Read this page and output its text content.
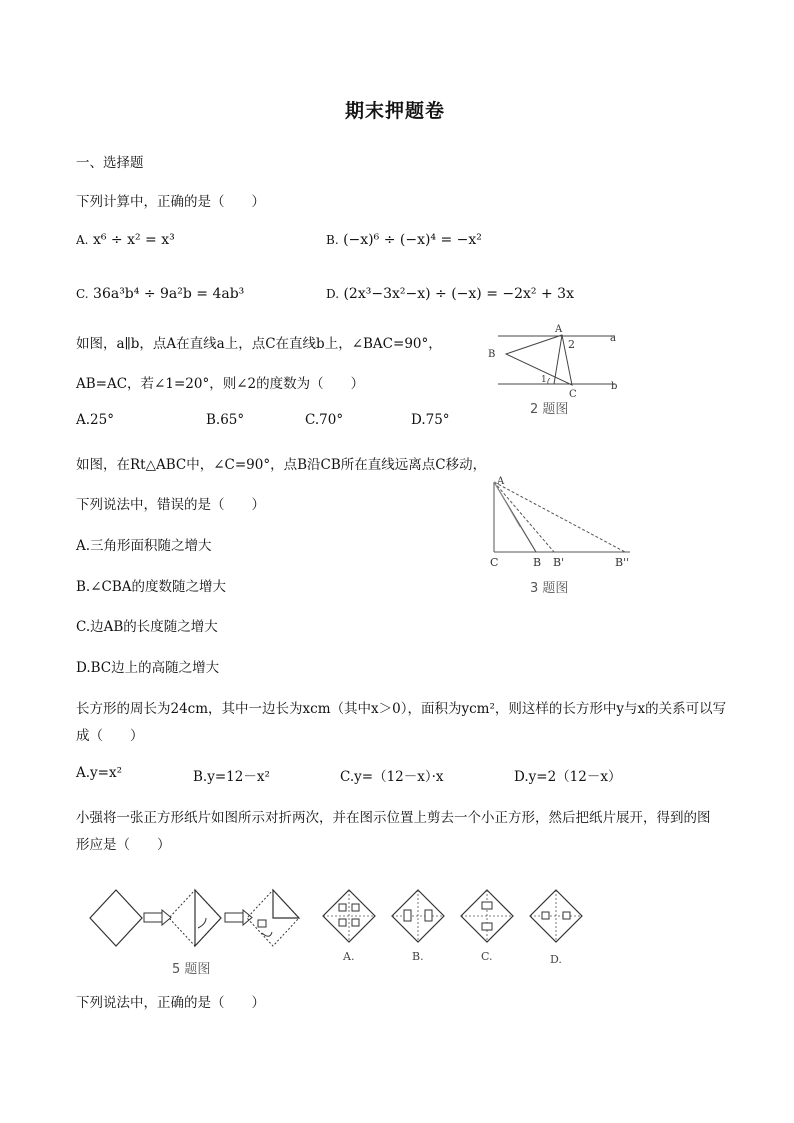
期末押题卷
一、选择题
下列计算中，正确的是（　　）
A. x⁶ ÷ x² = x³	B. (−x)⁶ ÷ (−x)⁴ = −x²
C. 36a³b⁴ ÷ 9a²b = 4ab³	D. (2x³−3x²−x) ÷ (−x) = −2x² + 3x
如图，a∥b，点A在直线a上，点C在直线b上，∠BAC=90°，
AB=AC，若∠1=20°，则∠2的度数为（　　）
A.25°	B.65°	C.70°	D.75°
A
B
C
a
b
1
2
2 题图
如图，在Rt△ABC中，∠C=90°，点B沿CB所在直线远离点C移动，
下列说法中，错误的是（　　）
A.三角形面积随之增大
B.∠CBA的度数随之增大
C.边AB的长度随之增大
D.BC边上的高随之增大
A
C	B B'	B''
3 题图
长方形的周长为24cm，其中一边长为xcm（其中x＞0），面积为ycm²，则这样的长方形中y与x的关系可以写
成（　　）
A.y=x²	B.y=12－x²	C.y=（12－x）·x	D.y=2（12－x）
小强将一张正方形纸片如图所示对折两次，并在图示位置上剪去一个小正方形，然后把纸片展开，得到的图
形应是（　　）
5 题图
A.	B.	C.	D.
下列说法中，正确的是（　　）
